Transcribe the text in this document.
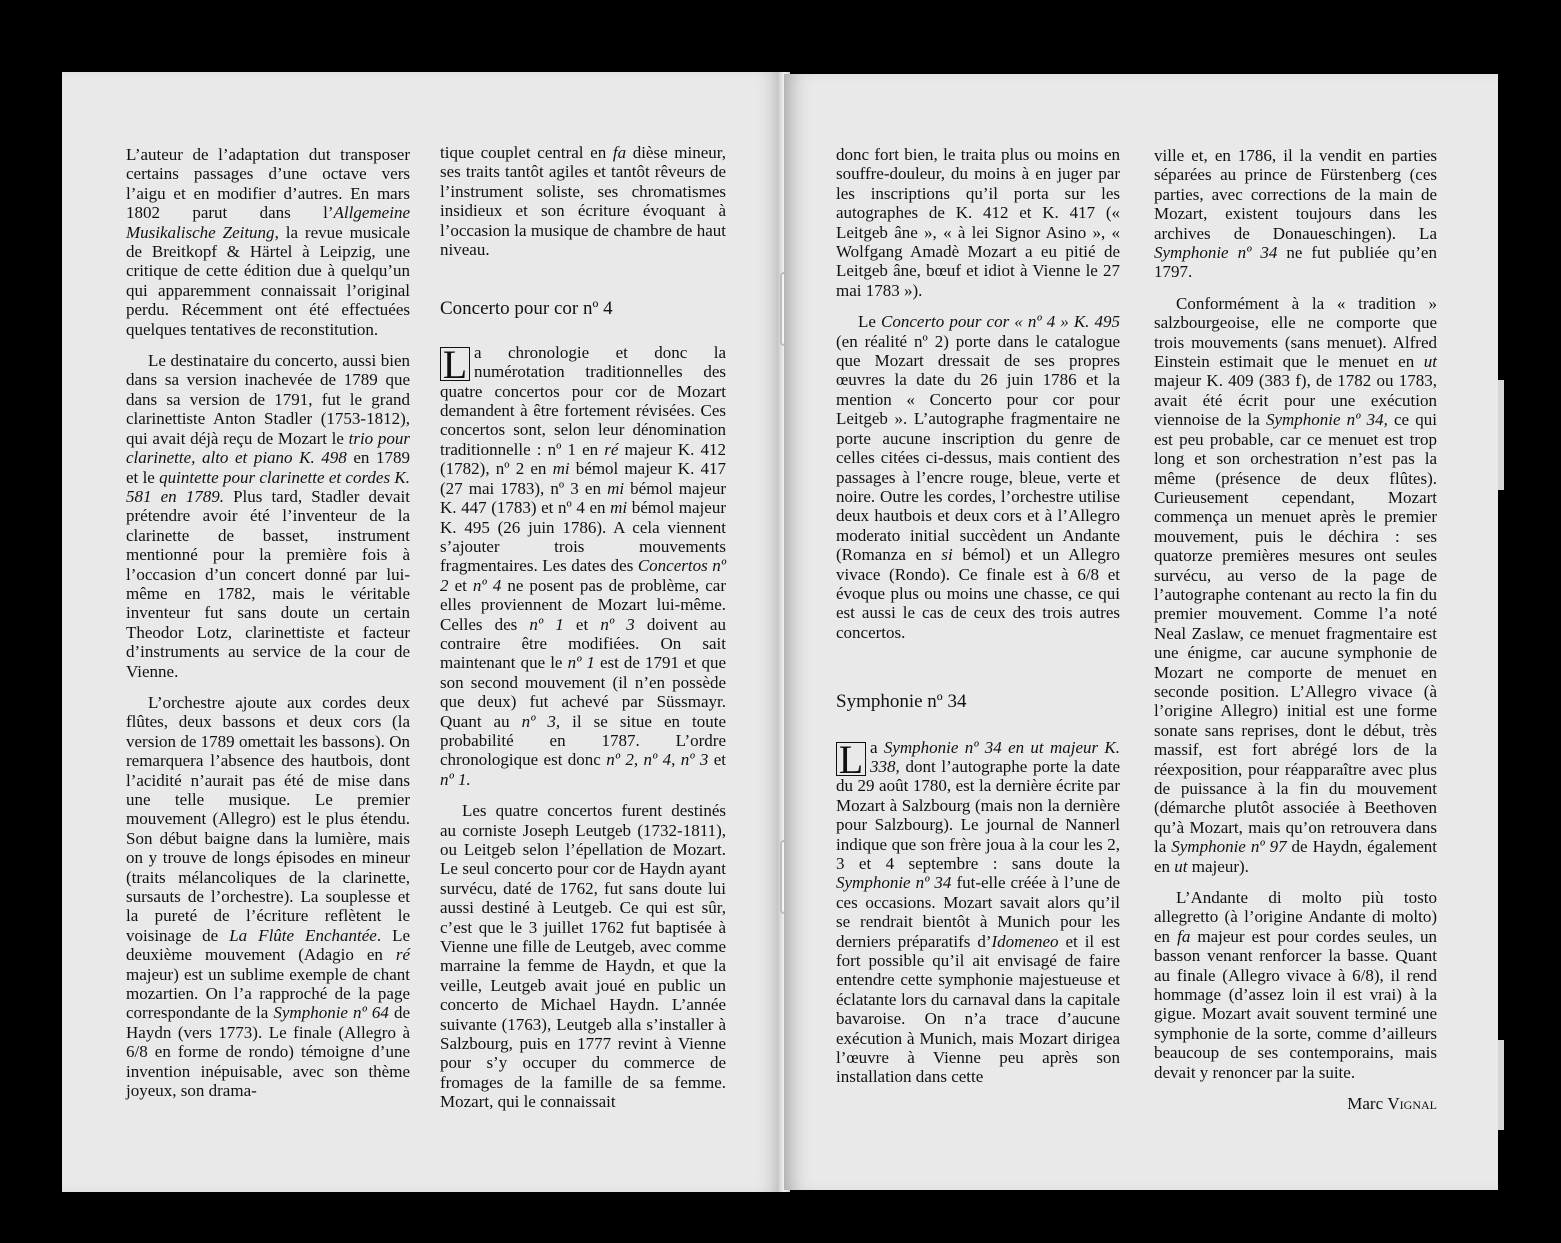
L’auteur de l’adaptation dut transposer certains passages d’une octave vers l’aigu et en modifier d’autres. En mars 1802 parut dans l’Allgemeine Musikalische Zeitung, la revue musicale de Breitkopf & Härtel à Leipzig, une critique de cette édition due à quelqu’un qui apparemment connaissait l’original perdu. Récemment ont été effectuées quelques tentatives de reconstitution.

Le destinataire du concerto, aussi bien dans sa version inachevée de 1789 que dans sa version de 1791, fut le grand clarinettiste Anton Stadler (1753-1812), qui avait déjà reçu de Mozart le trio pour clarinette, alto et piano K. 498 en 1789 et le quintette pour clarinette et cordes K. 581 en 1789. Plus tard, Stadler devait prétendre avoir été l’inventeur de la clarinette de basset, instrument mentionné pour la première fois à l’occasion d’un concert donné par lui-même en 1782, mais le véritable inventeur fut sans doute un certain Theodor Lotz, clarinettiste et facteur d’instruments au service de la cour de Vienne.

L’orchestre ajoute aux cordes deux flûtes, deux bassons et deux cors (la version de 1789 omettait les bassons). On remarquera l’absence des hautbois, dont l’acidité n’aurait pas été de mise dans une telle musique. Le premier mouvement (Allegro) est le plus étendu. Son début baigne dans la lumière, mais on y trouve de longs épisodes en mineur (traits mélancoliques de la clarinette, sursauts de l’orchestre). La souplesse et la pureté de l’écriture reflètent le voisinage de La Flûte Enchantée. Le deuxième mouvement (Adagio en ré majeur) est un sublime exemple de chant mozartien. On l’a rapproché de la page correspondante de la Symphonie nº 64 de Haydn (vers 1773). Le finale (Allegro à 6/8 en forme de rondo) témoigne d’une invention inépuisable, avec son thème joyeux, son drama-

tique couplet central en fa dièse mineur, ses traits tantôt agiles et tantôt rêveurs de l’instrument soliste, ses chromatismes insidieux et son écriture évoquant à l’occasion la musique de chambre de haut niveau.

Concerto pour cor nº 4

L a chronologie et donc la numérotation traditionnelles des quatre concertos pour cor de Mozart demandent à être fortement révisées. Ces concertos sont, selon leur dénomination traditionnelle : nº 1 en ré majeur K. 412 (1782), nº 2 en mi bémol majeur K. 417 (27 mai 1783), nº 3 en mi bémol majeur K. 447 (1783) et nº 4 en mi bémol majeur K. 495 (26 juin 1786). A cela viennent s’ajouter trois mouvements fragmentaires. Les dates des Concertos nº 2 et nº 4 ne posent pas de problème, car elles proviennent de Mozart lui-même. Celles des nº 1 et nº 3 doivent au contraire être modifiées. On sait maintenant que le nº 1 est de 1791 et que son second mouvement (il n’en possède que deux) fut achevé par Süssmayr. Quant au nº 3, il se situe en toute probabilité en 1787. L’ordre chronologique est donc nº 2, nº 4, nº 3 et nº 1.

Les quatre concertos furent destinés au corniste Joseph Leutgeb (1732-1811), ou Leitgeb selon l’épellation de Mozart. Le seul concerto pour cor de Haydn ayant survécu, daté de 1762, fut sans doute lui aussi destiné à Leutgeb. Ce qui est sûr, c’est que le 3 juillet 1762 fut baptisée à Vienne une fille de Leutgeb, avec comme marraine la femme de Haydn, et que la veille, Leutgeb avait joué en public un concerto de Michael Haydn. L’année suivante (1763), Leutgeb alla s’installer à Salzbourg, puis en 1777 revint à Vienne pour s’y occuper du commerce de fromages de la famille de sa femme. Mozart, qui le connaissait

donc fort bien, le traita plus ou moins en souffre-douleur, du moins à en juger par les inscriptions qu’il porta sur les autographes de K. 412 et K. 417 (« Leitgeb âne », « à lei Signor Asino », « Wolfgang Amadè Mozart a eu pitié de Leitgeb âne, bœuf et idiot à Vienne le 27 mai 1783 »).

Le Concerto pour cor « nº 4 » K. 495 (en réalité nº 2) porte dans le catalogue que Mozart dressait de ses propres œuvres la date du 26 juin 1786 et la mention « Concerto pour cor pour Leitgeb ». L’autographe fragmentaire ne porte aucune inscription du genre de celles citées ci-dessus, mais contient des passages à l’encre rouge, bleue, verte et noire. Outre les cordes, l’orchestre utilise deux hautbois et deux cors et à l’Allegro moderato initial succèdent un Andante (Romanza en si bémol) et un Allegro vivace (Rondo). Ce finale est à 6/8 et évoque plus ou moins une chasse, ce qui est aussi le cas de ceux des trois autres concertos.

Symphonie nº 34

L a Symphonie nº 34 en ut majeur K. 338, dont l’autographe porte la date du 29 août 1780, est la dernière écrite par Mozart à Salzbourg (mais non la dernière pour Salzbourg). Le journal de Nannerl indique que son frère joua à la cour les 2, 3 et 4 septembre : sans doute la Symphonie nº 34 fut-elle créée à l’une de ces occasions. Mozart savait alors qu’il se rendrait bientôt à Munich pour les derniers préparatifs d’Idomeneo et il est fort possible qu’il ait envisagé de faire entendre cette symphonie majestueuse et éclatante lors du carnaval dans la capitale bavaroise. On n’a trace d’aucune exécution à Munich, mais Mozart dirigea l’œuvre à Vienne peu après son installation dans cette

ville et, en 1786, il la vendit en parties séparées au prince de Fürstenberg (ces parties, avec corrections de la main de Mozart, existent toujours dans les archives de Donaueschingen). La Symphonie nº 34 ne fut publiée qu’en 1797.

Conformément à la « tradition » salzbourgeoise, elle ne comporte que trois mouvements (sans menuet). Alfred Einstein estimait que le menuet en ut majeur K. 409 (383 f), de 1782 ou 1783, avait été écrit pour une exécution viennoise de la Symphonie nº 34, ce qui est peu probable, car ce menuet est trop long et son orchestration n’est pas la même (présence de deux flûtes). Curieusement cependant, Mozart commença un menuet après le premier mouvement, puis le déchira : ses quatorze premières mesures ont seules survécu, au verso de la page de l’autographe contenant au recto la fin du premier mouvement. Comme l’a noté Neal Zaslaw, ce menuet fragmentaire est une énigme, car aucune symphonie de Mozart ne comporte de menuet en seconde position. L’Allegro vivace (à l’origine Allegro) initial est une forme sonate sans reprises, dont le début, très massif, est fort abrégé lors de la réexposition, pour réapparaître avec plus de puissance à la fin du mouvement (démarche plutôt associée à Beethoven qu’à Mozart, mais qu’on retrouvera dans la Symphonie nº 97 de Haydn, également en ut majeur).

L’Andante di molto più tosto allegretto (à l’origine Andante di molto) en fa majeur est pour cordes seules, un basson venant renforcer la basse. Quant au finale (Allegro vivace à 6/8), il rend hommage (d’assez loin il est vrai) à la gigue. Mozart avait souvent terminé une symphonie de la sorte, comme d’ailleurs beaucoup de ses contemporains, mais devait y renoncer par la suite.

Marc Vignal
